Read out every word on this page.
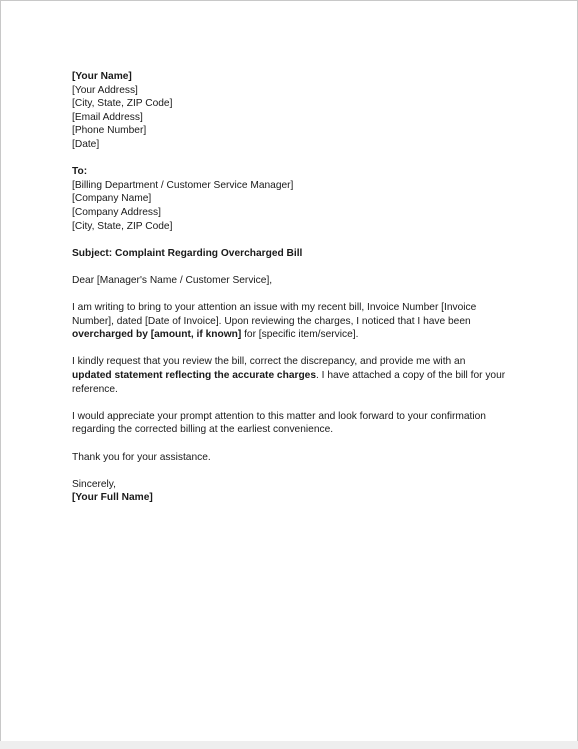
[Your Name]
[Your Address]
[City, State, ZIP Code]
[Email Address]
[Phone Number]
[Date]
To:
[Billing Department / Customer Service Manager]
[Company Name]
[Company Address]
[City, State, ZIP Code]
Subject: Complaint Regarding Overcharged Bill
Dear [Manager's Name / Customer Service],

I am writing to bring to your attention an issue with my recent bill, Invoice Number [Invoice
Number], dated [Date of Invoice]. Upon reviewing the charges, I noticed that I have been
overcharged by [amount, if known] for [specific item/service].

I kindly request that you review the bill, correct the discrepancy, and provide me with an
updated statement reflecting the accurate charges. I have attached a copy of the bill for your
reference.

I would appreciate your prompt attention to this matter and look forward to your confirmation
regarding the corrected billing at the earliest convenience.

Thank you for your assistance.
Sincerely,
[Your Full Name]
